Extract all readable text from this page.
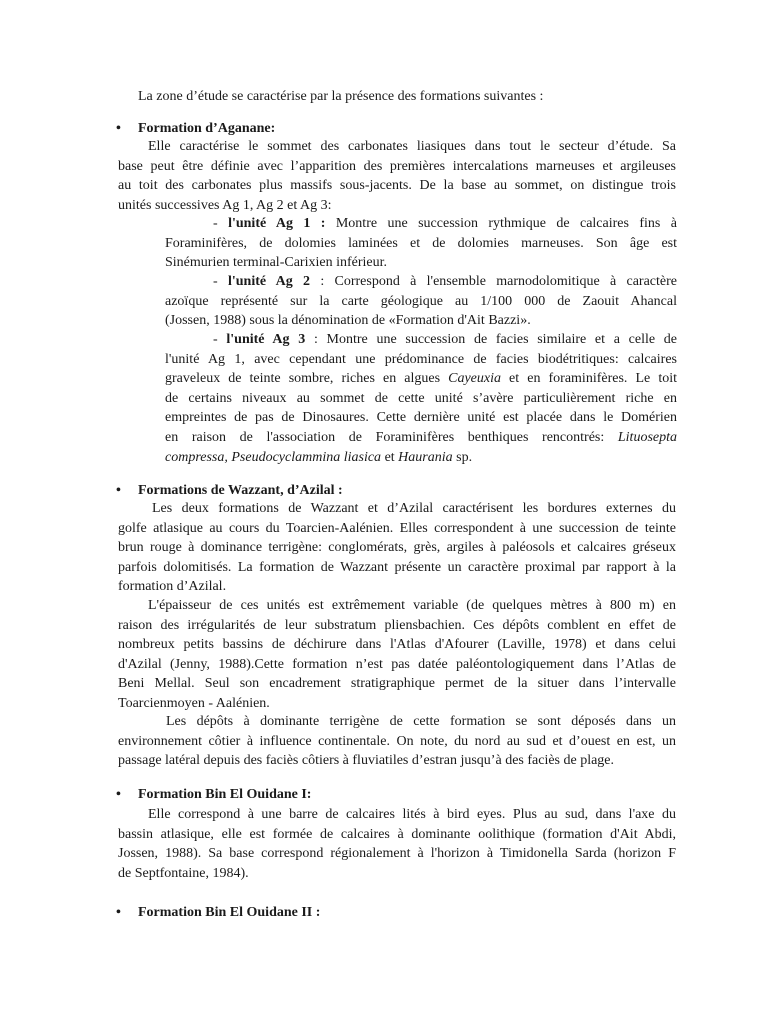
La zone d’étude se caractérise par la présence des formations suivantes :
• Formation d’Aganane:
Elle caractérise le sommet des carbonates liasiques dans tout le secteur d’étude. Sa
base peut être définie avec l’apparition des premières intercalations marneuses et argileuses
au toit des carbonates plus massifs sous-jacents. De la base au sommet, on distingue trois
unités successives Ag 1, Ag 2 et Ag 3:
- l'unité Ag 1 : Montre une succession rythmique de calcaires fins à
Foraminifères, de dolomies laminées et de dolomies marneuses. Son âge est
Sinémurien terminal-Carixien inférieur.
- l'unité Ag 2 : Correspond à l'ensemble marnodolomitique à caractère
azoïque représenté sur la carte géologique au 1/100 000 de Zaouit Ahancal
(Jossen, 1988) sous la dénomination de «Formation d'Ait Bazzi».
- l'unité Ag 3 : Montre une succession de facies similaire et a celle de
l'unité Ag 1, avec cependant une prédominance de facies biodétritiques: calcaires
graveleux de teinte sombre, riches en algues Cayeuxia et en foraminifères. Le toit
de certains niveaux au sommet de cette unité s’avère particulièrement riche en
empreintes de pas de Dinosaures. Cette dernière unité est placée dans le Domérien
en raison de l'association de Foraminifères benthiques rencontrés: Lituosepta
compressa, Pseudocyclammina liasica et Haurania sp.
• Formations de Wazzant, d’Azilal :
Les deux formations de Wazzant et d’Azilal caractérisent les bordures externes du
golfe atlasique au cours du Toarcien-Aalénien. Elles correspondent à une succession de teinte
brun rouge à dominance terrigène: conglomérats, grès, argiles à paléosols et calcaires gréseux
parfois dolomitisés. La formation de Wazzant présente un caractère proximal par rapport à la
formation d’Azilal.
L'épaisseur de ces unités est extrêmement variable (de quelques mètres à 800 m) en
raison des irrégularités de leur substratum pliensbachien. Ces dépôts comblent en effet de
nombreux petits bassins de déchirure dans l'Atlas d'Afourer (Laville, 1978) et dans celui
d'Azilal (Jenny, 1988).Cette formation n’est pas datée paléontologiquement dans l’Atlas de
Beni Mellal. Seul son encadrement stratigraphique permet de la situer dans l’intervalle
Toarcienmoyen - Aalénien.
Les dépôts à dominante terrigène de cette formation se sont déposés dans un
environnement côtier à influence continentale. On note, du nord au sud et d’ouest en est, un
passage latéral depuis des faciès côtiers à fluviatiles d’estran jusqu’à des faciès de plage.
• Formation Bin El Ouidane I:
Elle correspond à une barre de calcaires lités à bird eyes. Plus au sud, dans l'axe du
bassin atlasique, elle est formée de calcaires à dominante oolithique (formation d'Ait Abdi,
Jossen, 1988). Sa base correspond régionalement à l'horizon à Timidonella Sarda (horizon F
de Septfontaine, 1984).
• Formation Bin El Ouidane II :
